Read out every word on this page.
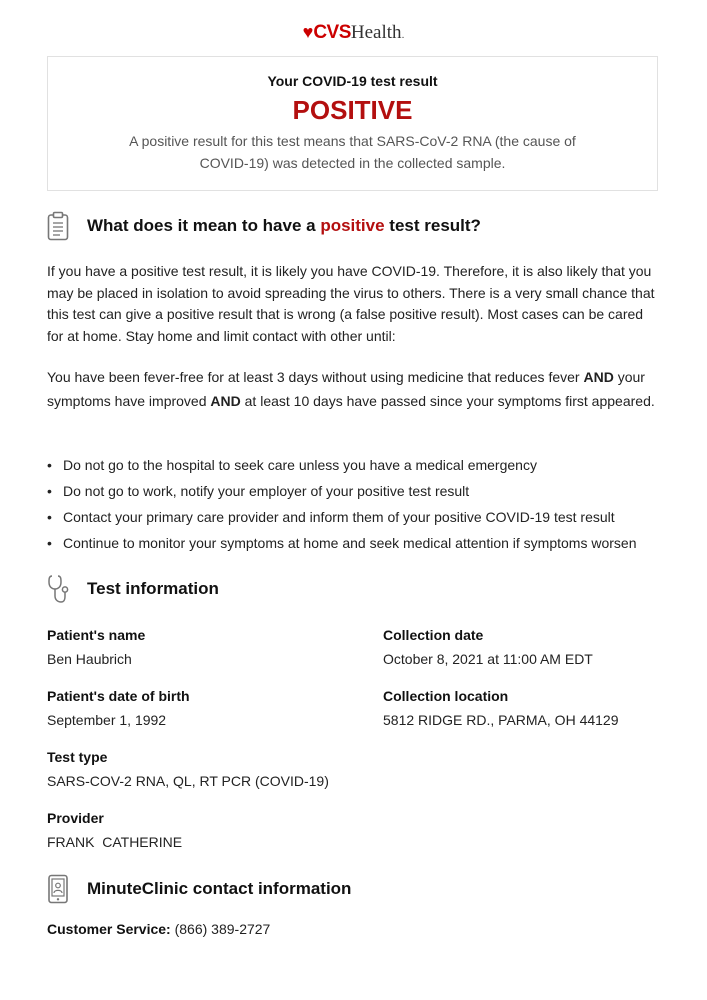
♥CVSHealth.
Your COVID-19 test result
POSITIVE
A positive result for this test means that SARS-CoV-2 RNA (the cause of COVID-19) was detected in the collected sample.
What does it mean to have a positive test result?

If you have a positive test result, it is likely you have COVID-19. Therefore, it is also likely that you may be placed in isolation to avoid spreading the virus to others. There is a very small chance that this test can give a positive result that is wrong (a false positive result). Most cases can be cared for at home. Stay home and limit contact with other until:

You have been fever-free for at least 3 days without using medicine that reduces fever AND your symptoms have improved AND at least 10 days have passed since your symptoms first appeared.

• Do not go to the hospital to seek care unless you have a medical emergency
• Do not go to work, notify your employer of your positive test result
• Contact your primary care provider and inform them of your positive COVID-19 test result
• Continue to monitor your symptoms at home and seek medical attention if symptoms worsen
Test information
Patient's name
Ben Haubrich
Collection date
October 8, 2021 at 11:00 AM EDT
Patient's date of birth
September 1, 1992
Collection location
5812 RIDGE RD., PARMA, OH 44129
Test type
SARS-COV-2 RNA, QL, RT PCR (COVID-19)
Provider
FRANK  CATHERINE
MinuteClinic contact information
Customer Service: (866) 389-2727
